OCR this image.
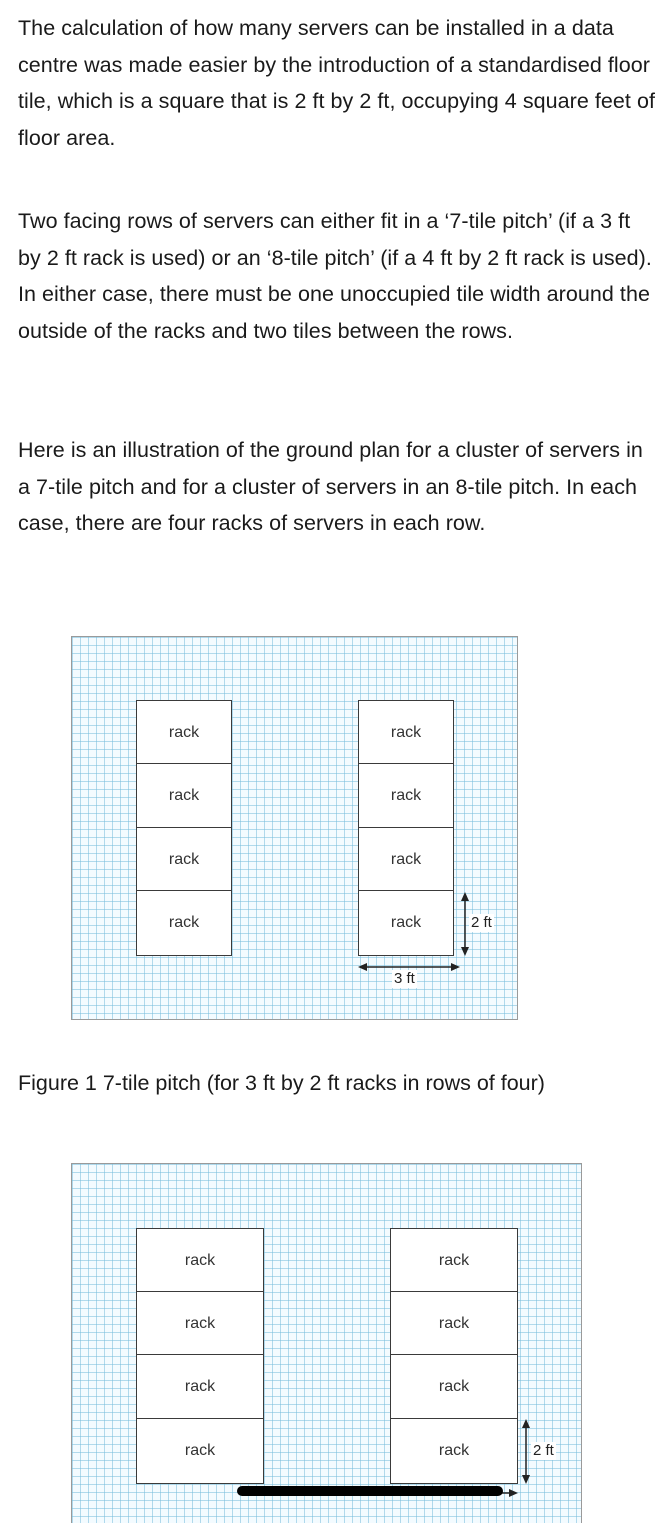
The calculation of how many servers can be installed in a data centre was made easier by the introduction of a standardised floor tile, which is a square that is 2 ft by 2 ft, occupying 4 square feet of floor area.

Two facing rows of servers can either fit in a ‘7-tile pitch’ (if a 3 ft by 2 ft rack is used) or an ‘8-tile pitch’ (if a 4 ft by 2 ft rack is used). In either case, there must be one unoccupied tile width around the outside of the racks and two tiles between the rows.

Here is an illustration of the ground plan for a cluster of servers in a 7-tile pitch and for a cluster of servers in an 8-tile pitch. In each case, there are four racks of servers in each row.

rack
rack
rack
rack
rack
rack
rack
rack
3 ft
2 ft

Figure 1 7-tile pitch (for 3 ft by 2 ft racks in rows of four)

rack
rack
rack
rack
rack
rack
rack
rack	2 ft
